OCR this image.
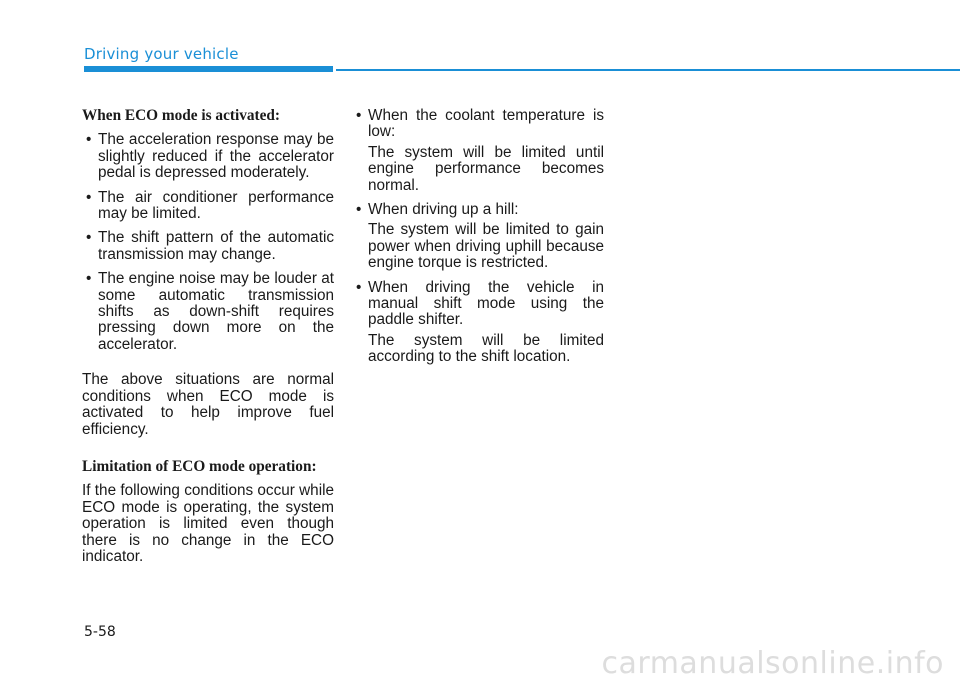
Driving your vehicle
When ECO mode is activated:
• The acceleration response may be slightly reduced if the accelerator pedal is depressed moderately.
• The air conditioner performance may be limited.
• The shift pattern of the automatic transmission may change.
• The engine noise may be louder at some automatic transmission shifts as down-shift requires pressing down more on the accelerator.

The above situations are normal conditions when ECO mode is activated to help improve fuel efficiency.

Limitation of ECO mode operation:

If the following conditions occur while ECO mode is operating, the system operation is limited even though there is no change in the ECO indicator.

• When the coolant temperature is low:
The system will be limited until engine performance becomes normal.
• When driving up a hill:
The system will be limited to gain power when driving uphill because engine torque is restricted.
• When driving the vehicle in manual shift mode using the paddle shifter.
The system will be limited according to the shift location.
5-58
carmanualsonline.info
